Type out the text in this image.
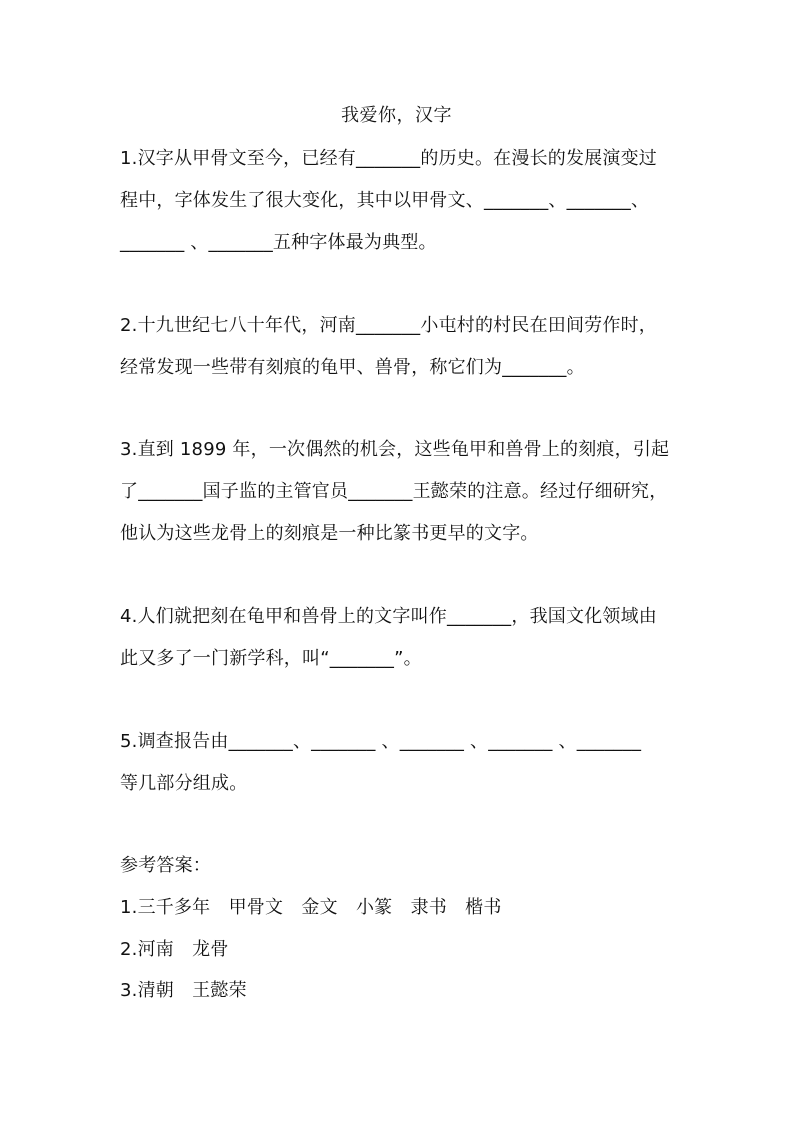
我爱你，汉字
1.汉字从甲骨文至今，已经有_______的历史。在漫长的发展演变过
程中，字体发生了很大变化，其中以甲骨文、_______、_______、
_______ 、_______五种字体最为典型。
2.十九世纪七八十年代，河南_______小屯村的村民在田间劳作时，
经常发现一些带有刻痕的龟甲、兽骨，称它们为_______。
3.直到 1899 年，一次偶然的机会，这些龟甲和兽骨上的刻痕，引起
了_______国子监的主管官员_______王懿荣的注意。经过仔细研究，
他认为这些龙骨上的刻痕是一种比篆书更早的文字。
4.人们就把刻在龟甲和兽骨上的文字叫作_______，我国文化领域由
此又多了一门新学科，叫“_______”。
5.调查报告由_______、_______ 、_______ 、_______ 、_______
等几部分组成。
参考答案：
1.三千多年　甲骨文　金文　小篆　隶书　楷书
2.河南　龙骨
3.清朝　王懿荣
